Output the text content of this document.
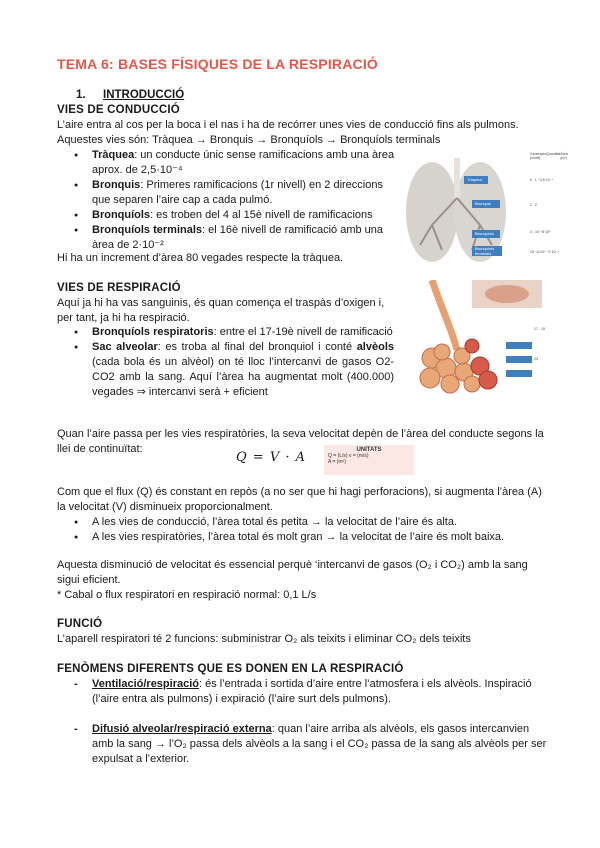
TEMA 6: BASES FÍSIQUES DE LA RESPIRACIÓ
1. INTRODUCCIÓ
VIES DE CONDUCCIÓ
L’aire entra al cos per la boca i el nas i ha de recórrer unes vies de conducció fins als pulmons.
Aquestes vies són: Tràquea → Bronquis → Bronquíols → Bronquíols terminals
● Tràquea: un conducte únic sense ramificacions amb una àrea aprox. de 2,5·10⁻⁴
● Bronquis: Primeres ramificacions (1r nivell) en 2 direccions que separen l’aire cap a cada pulmó.
● Bronquíols: es troben del 4 al 15è nivell de ramificacions
● Bronquíols terminals: el 16è nivell de ramificació amb una àrea de 2·10⁻²
Hi ha un increment d’àrea 80 vegades respecte la tràquea.
Tràquea
Bronquis
Bronquíols
Bronquíols terminals
Generació (nivell)
Quantitat Àrea (m²)
0 1 ~2,5·10⁻⁴
1 2
4 - 15 ~8·10⁵
16 ~6·10⁴ ~2·10⁻²
VIES DE RESPIRACIÓ
Aquí ja hi ha vas sanguinis, és quan comença el traspàs d’oxigen i, per tant, ja hi ha respiració.
● Bronquíols respiratoris: entre el 17-19è nivell de ramificació
● Sac alveolar: es troba al final del bronquiol i conté alvèols (cada bola és un alvèol) on té lloc l’intercanvi de gasos O2-CO2 amb la sang. Aquí l’àrea ha augmentat molt (400.000) vegades ⇒ intercanvi serà + eficient
17 - 19
23
Quan l’aire passa per les vies respiratòries, la seva velocitat depèn de l’àrea del conducte segons la llei de continuïtat:
Q = V · A	UNITATS
Q = (L/s) v = (m/s)
A = (m²)
Com que el flux (Q) és constant en repòs (a no ser que hi hagi perforacions), si augmenta l’àrea (A) la velocitat (V) disminueix proporcionalment.
● A les vies de conducció, l’àrea total és petita → la velocitat de l’aire és alta.
● A les vies respiratòries, l’àrea total és molt gran → la velocitat de l’aire és molt baixa.
Aquesta disminució de velocitat és essencial perquè ‘intercanvi de gasos (O₂ i CO₂) amb la sang sigui eficient.
* Cabal o flux respiratori en respiració normal: 0,1 L/s
FUNCIÓ
L’aparell respiratori té 2 funcions: subministrar O₂ als teixits i eliminar CO₂ dels teixits
FENÒMENS DIFERENTS QUE ES DONEN EN LA RESPIRACIÓ
- Ventilació/respiració: és l’entrada i sortida d’aire entre l’atmosfera i els alvèols. Inspiració (l’aire entra als pulmons) i expiració (l’aire surt dels pulmons).
- Difusió alveolar/respiració externa: quan l’aire arriba als alvèols, els gasos intercanvien amb la sang → l’O₂ passa dels alvèols a la sang i el CO₂ passa de la sang als alvèols per ser expulsat a l’exterior.
